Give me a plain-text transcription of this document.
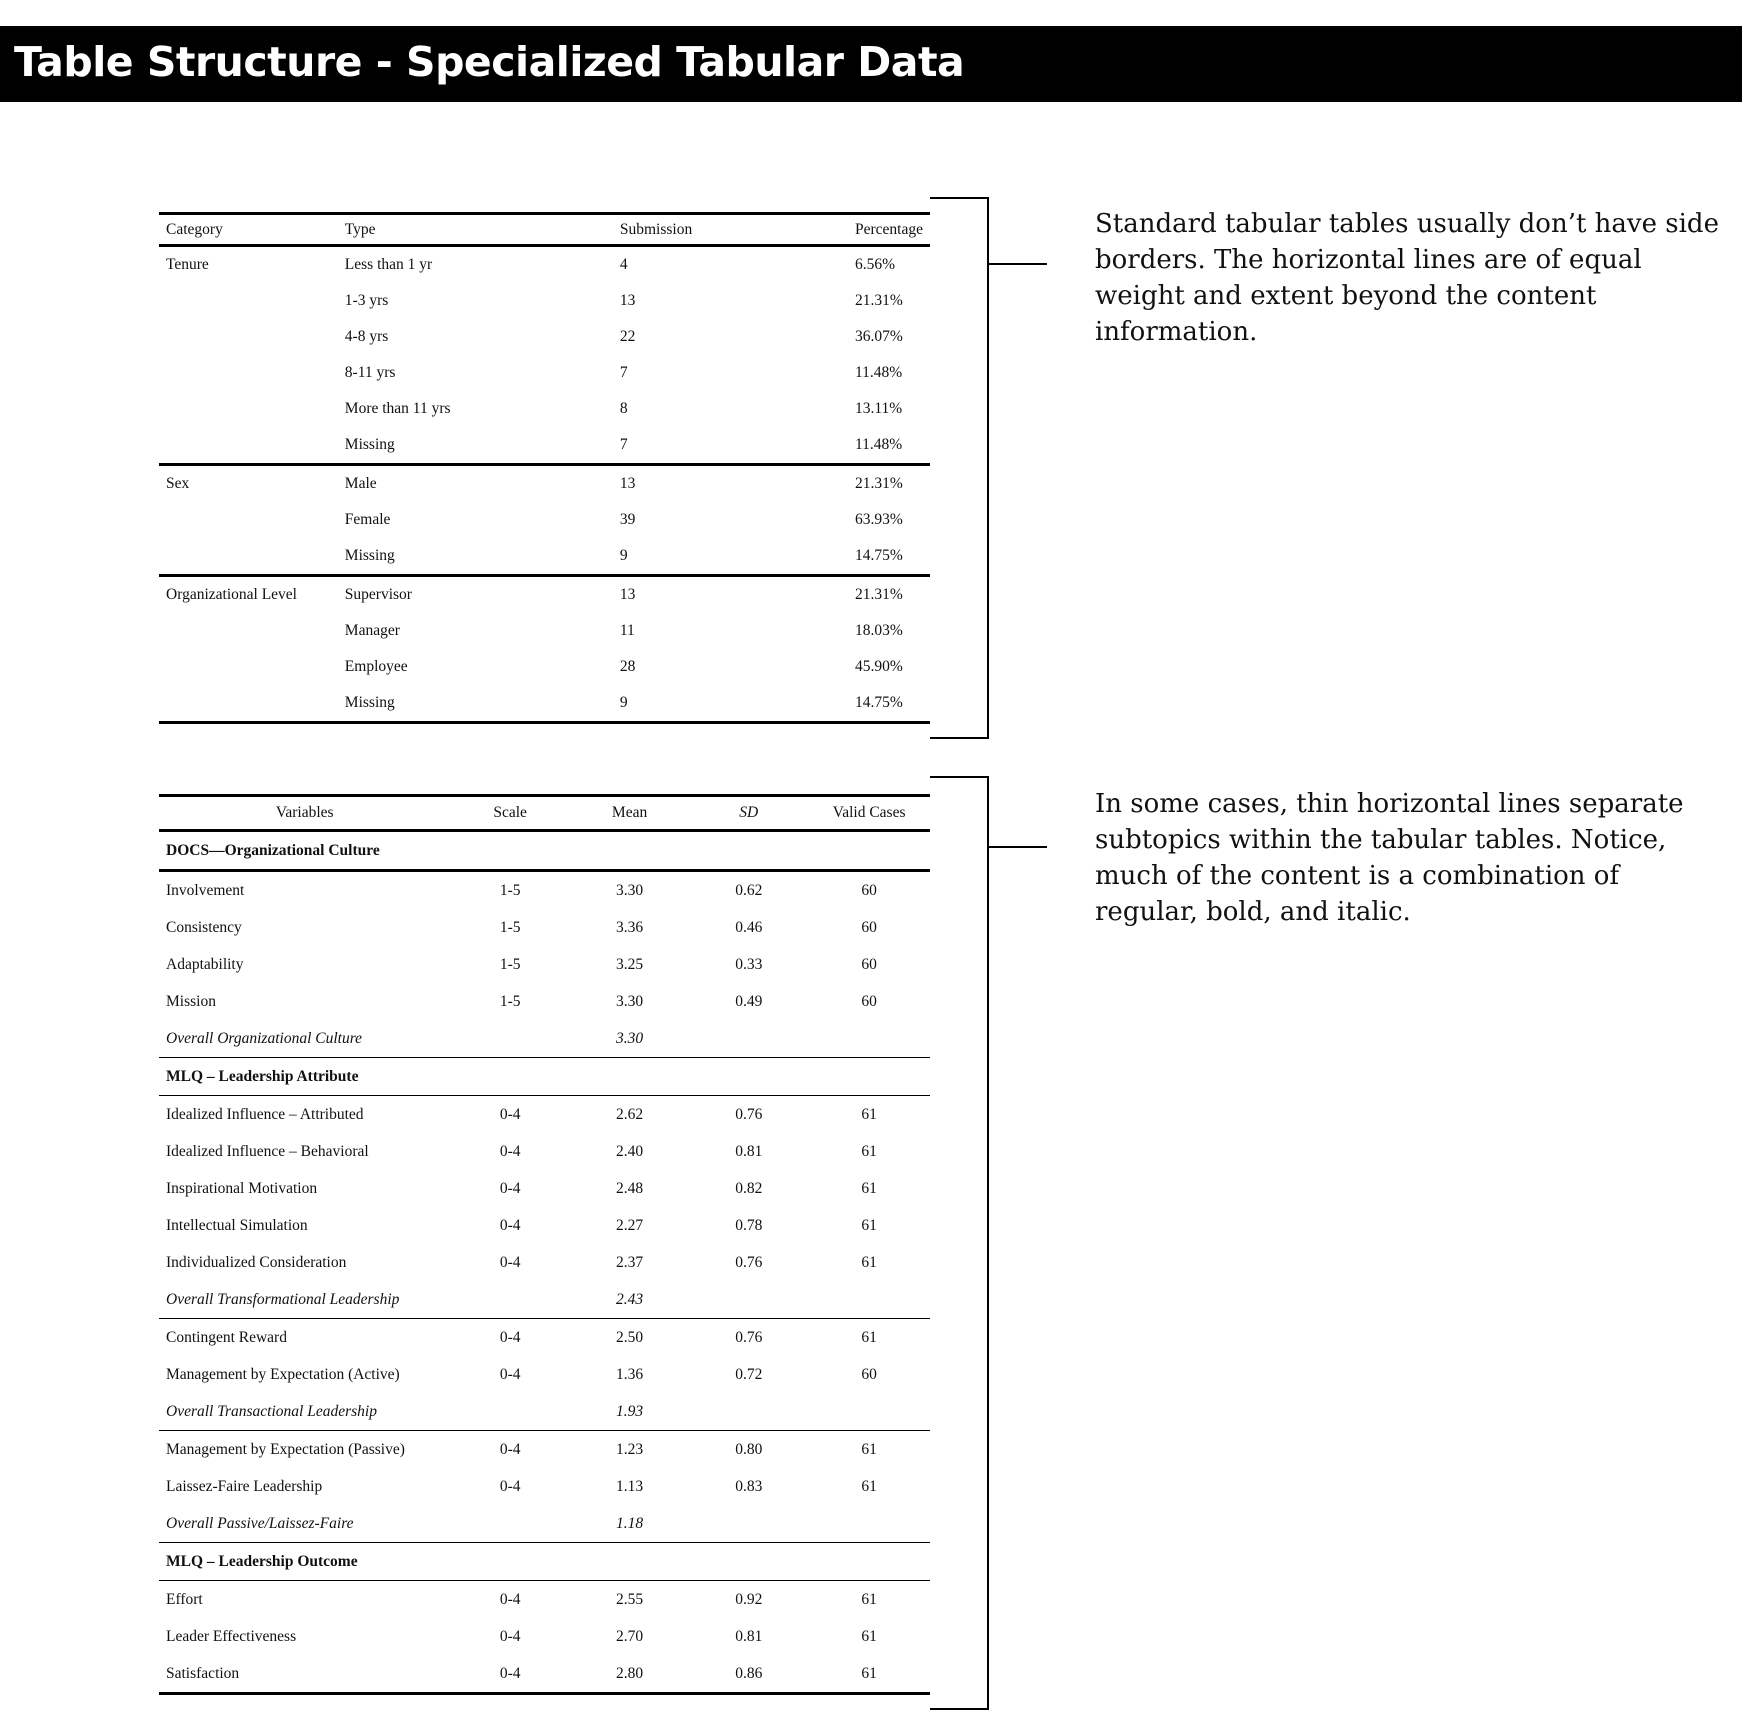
Table Structure - Specialized Tabular Data
Category	Type	Submission	Percentage
Tenure	Less than 1 yr	4	6.56%
	1-3 yrs	13	21.31%
	4-8 yrs	22	36.07%
	8-11 yrs	7	11.48%
	More than 11 yrs	8	13.11%
	Missing	7	11.48%
Sex	Male	13	21.31%
	Female	39	63.93%
	Missing	9	14.75%
Organizational Level	Supervisor	13	21.31%
	Manager	11	18.03%
	Employee	28	45.90%
	Missing	9	14.75%

Standard tabular tables usually don’t have side borders. The horizontal lines are of equal weight and extent beyond the content information.

Variables	Scale	Mean	SD	Valid Cases
DOCS—Organizational Culture				
Involvement	1-5	3.30	0.62	60
Consistency	1-5	3.36	0.46	60
Adaptability	1-5	3.25	0.33	60
Mission	1-5	3.30	0.49	60
Overall Organizational Culture		3.30		
MLQ – Leadership Attribute				
Idealized Influence – Attributed	0-4	2.62	0.76	61
Idealized Influence – Behavioral	0-4	2.40	0.81	61
Inspirational Motivation	0-4	2.48	0.82	61
Intellectual Simulation	0-4	2.27	0.78	61
Individualized Consideration	0-4	2.37	0.76	61
Overall Transformational Leadership		2.43		
Contingent Reward	0-4	2.50	0.76	61
Management by Expectation (Active)	0-4	1.36	0.72	60
Overall Transactional Leadership		1.93		
Management by Expectation (Passive)	0-4	1.23	0.80	61
Laissez-Faire Leadership	0-4	1.13	0.83	61
Overall Passive/Laissez-Faire		1.18		
MLQ – Leadership Outcome				
Effort	0-4	2.55	0.92	61
Leader Effectiveness	0-4	2.70	0.81	61
Satisfaction	0-4	2.80	0.86	61

In some cases, thin horizontal lines separate subtopics within the tabular tables. Notice, much of the content is a combination of regular, bold, and italic.
